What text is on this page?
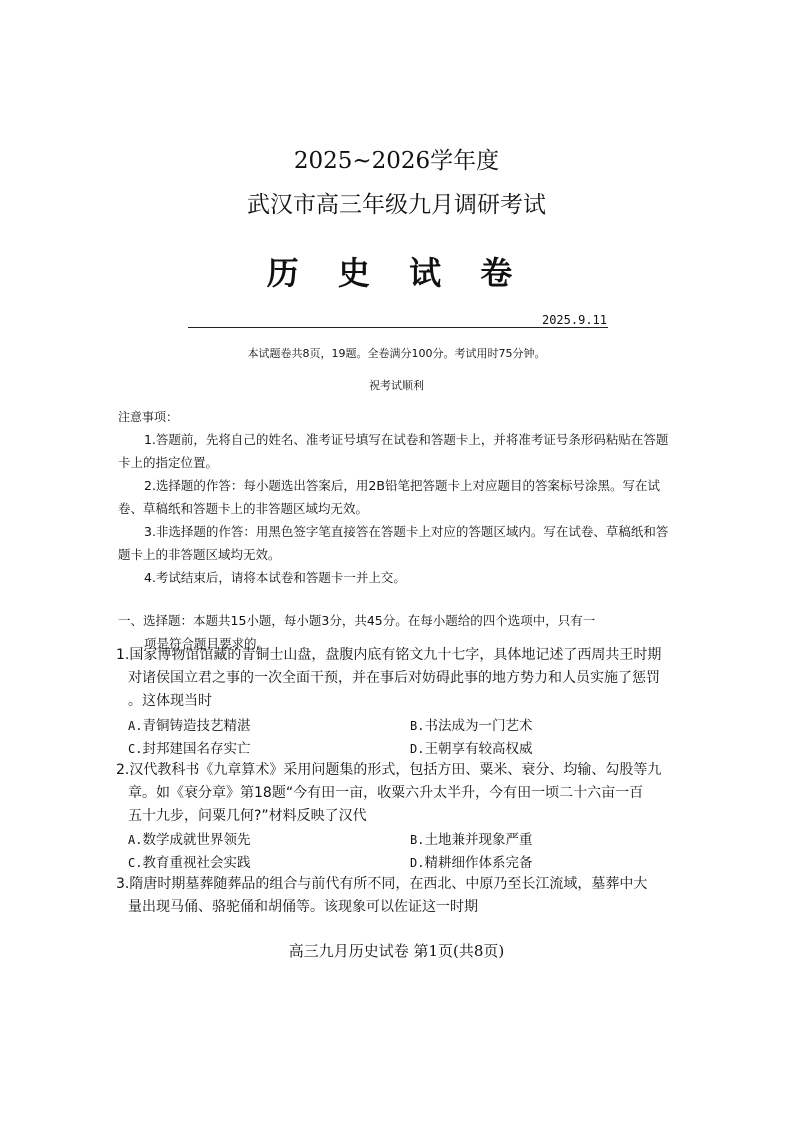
2025~2026学年度
武汉市高三年级九月调研考试
历 史 试 卷
2025.9.11
本试题卷共8页，19题。全卷满分100分。考试用时75分钟。
祝考试顺利
注意事项：
1.答题前，先将自己的姓名、准考证号填写在试卷和答题卡上，并将准考证号条形码粘贴在答题卡上的指定位置。
2.选择题的作答：每小题选出答案后，用2B铅笔把答题卡上对应题目的答案标号涂黑。写在试卷、草稿纸和答题卡上的非答题区域均无效。
3.非选择题的作答：用黑色签字笔直接答在答题卡上对应的答题区域内。写在试卷、草稿纸和答题卡上的非答题区域均无效。
4.考试结束后，请将本试卷和答题卡一并上交。
一、选择题：本题共15小题，每小题3分，共45分。在每小题给的四个选项中，只有一
项是符合题目要求的。
1.国家博物馆馆藏的青铜士山盘，盘腹内底有铭文九十七字，具体地记述了西周共王时期
对诸侯国立君之事的一次全面干预，并在事后对妨碍此事的地方势力和人员实施了惩罚
。这体现当时
A.青铜铸造技艺精湛	B.书法成为一门艺术
C.封邦建国名存实亡	D.王朝享有较高权威
2.汉代教科书《九章算术》采用问题集的形式，包括方田、粟米、衰分、均输、勾股等九
章。如《衰分章》第18题“今有田一亩，收粟六升太半升，今有田一顷二十六亩一百
五十九步，问粟几何?”材料反映了汉代
A.数学成就世界领先	B.土地兼并现象严重
C.教育重视社会实践	D.精耕细作体系完备
3.隋唐时期墓葬随葬品的组合与前代有所不同，在西北、中原乃至长江流域，墓葬中大
量出现马俑、骆驼俑和胡俑等。该现象可以佐证这一时期
高三九月历史试卷 第1页(共8页)
